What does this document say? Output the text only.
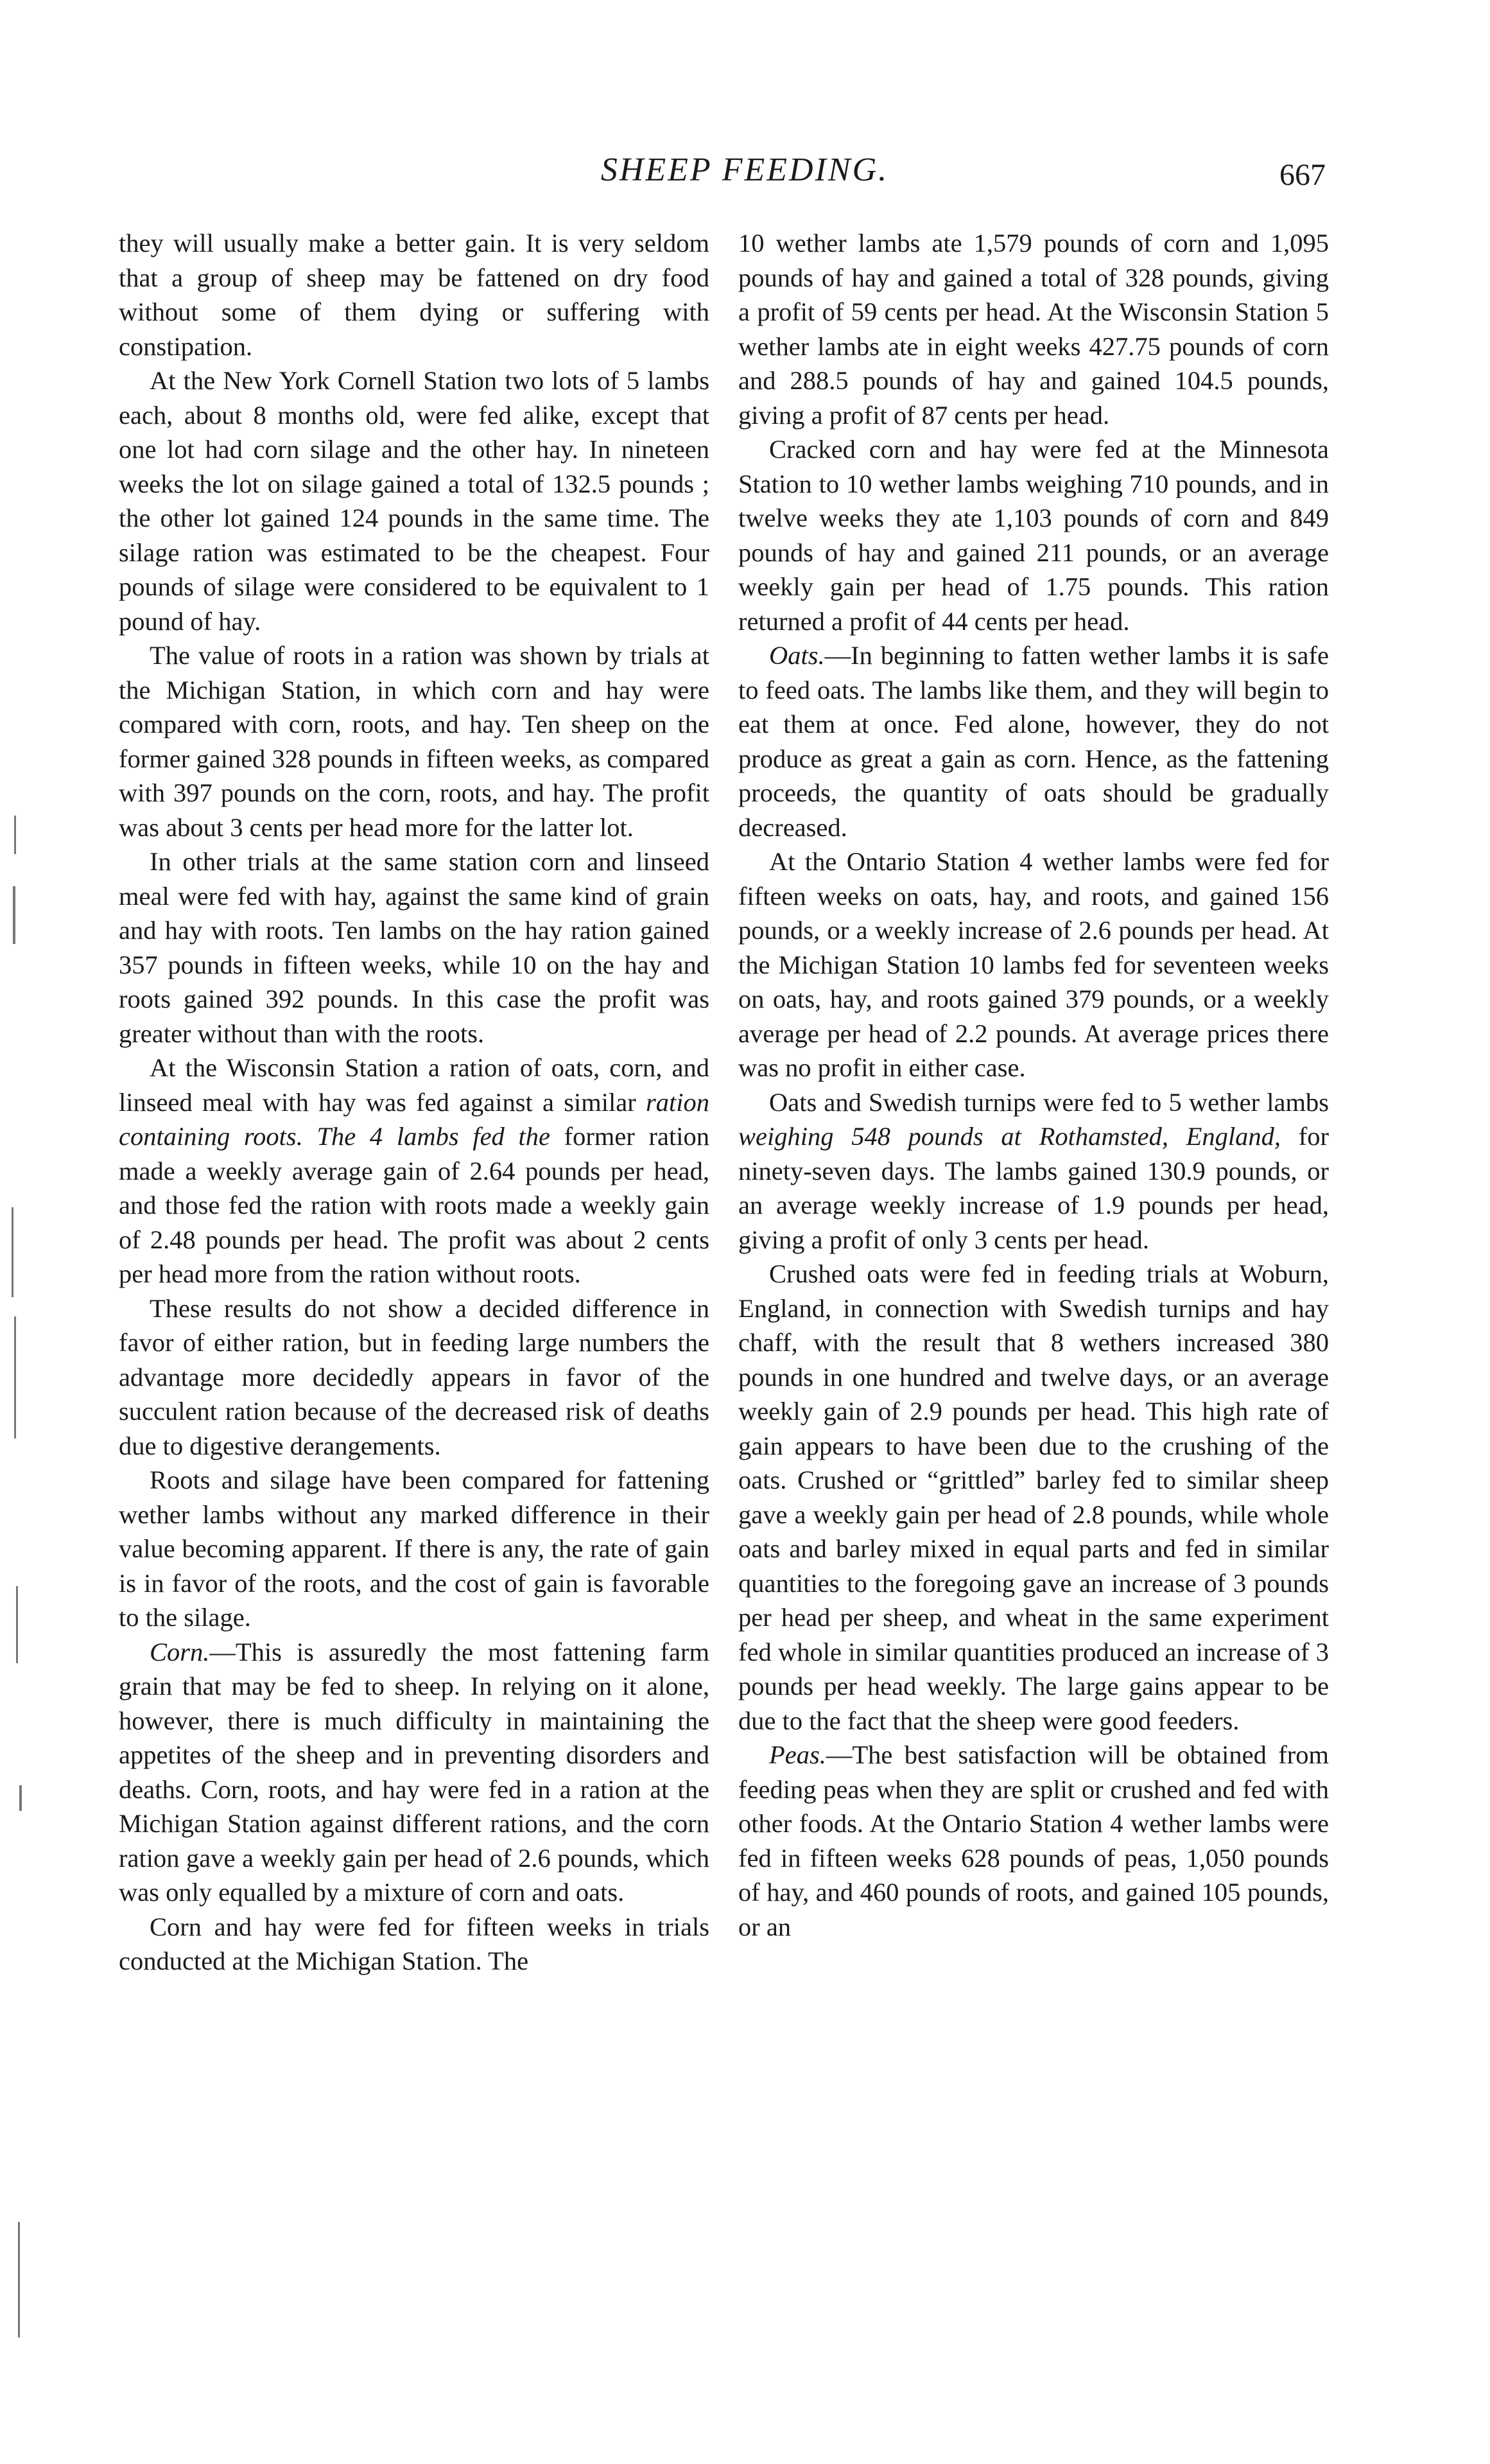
SHEEP FEEDING.	667

they will usually make a better gain. It is very seldom that a group of sheep may be fattened on dry food without some of them dying or suffering with constipation.

At the New York Cornell Station two lots of 5 lambs each, about 8 months old, were fed alike, except that one lot had corn silage and the other hay. In nineteen weeks the lot on silage gained a total of 132.5 pounds ; the other lot gained 124 pounds in the same time. The silage ration was estimated to be the cheapest. Four pounds of silage were considered to be equivalent to 1 pound of hay.

The value of roots in a ration was shown by trials at the Michigan Station, in which corn and hay were compared with corn, roots, and hay. Ten sheep on the former gained 328 pounds in fifteen weeks, as compared with 397 pounds on the corn, roots, and hay. The profit was about 3 cents per head more for the latter lot.

In other trials at the same station corn and linseed meal were fed with hay, against the same kind of grain and hay with roots. Ten lambs on the hay ration gained 357 pounds in fifteen weeks, while 10 on the hay and roots gained 392 pounds. In this case the profit was greater without than with the roots.

At the Wisconsin Station a ration of oats, corn, and linseed meal with hay was fed against a similar ration containing roots. The 4 lambs fed the former ration made a weekly average gain of 2.64 pounds per head, and those fed the ration with roots made a weekly gain of 2.48 pounds per head. The profit was about 2 cents per head more from the ration without roots.

These results do not show a decided difference in favor of either ration, but in feeding large numbers the advantage more decidedly appears in favor of the succulent ration because of the decreased risk of deaths due to digestive derangements.

Roots and silage have been compared for fattening wether lambs without any marked difference in their value becoming apparent. If there is any, the rate of gain is in favor of the roots, and the cost of gain is favorable to the silage.

Corn.—This is assuredly the most fattening farm grain that may be fed to sheep. In relying on it alone, however, there is much difficulty in maintaining the appetites of the sheep and in preventing disorders and deaths. Corn, roots, and hay were fed in a ration at the Michigan Station against different rations, and the corn ration gave a weekly gain per head of 2.6 pounds, which was only equalled by a mixture of corn and oats.

Corn and hay were fed for fifteen weeks in trials conducted at the Michigan Station. The

10 wether lambs ate 1,579 pounds of corn and 1,095 pounds of hay and gained a total of 328 pounds, giving a profit of 59 cents per head. At the Wisconsin Station 5 wether lambs ate in eight weeks 427.75 pounds of corn and 288.5 pounds of hay and gained 104.5 pounds, giving a profit of 87 cents per head.

Cracked corn and hay were fed at the Minnesota Station to 10 wether lambs weighing 710 pounds, and in twelve weeks they ate 1,103 pounds of corn and 849 pounds of hay and gained 211 pounds, or an average weekly gain per head of 1.75 pounds. This ration returned a profit of 44 cents per head.

Oats.—In beginning to fatten wether lambs it is safe to feed oats. The lambs like them, and they will begin to eat them at once. Fed alone, however, they do not produce as great a gain as corn. Hence, as the fattening proceeds, the quantity of oats should be gradually decreased.

At the Ontario Station 4 wether lambs were fed for fifteen weeks on oats, hay, and roots, and gained 156 pounds, or a weekly increase of 2.6 pounds per head. At the Michigan Station 10 lambs fed for seventeen weeks on oats, hay, and roots gained 379 pounds, or a weekly average per head of 2.2 pounds. At average prices there was no profit in either case.

Oats and Swedish turnips were fed to 5 wether lambs weighing 548 pounds at Rothamsted, England, for ninety-seven days. The lambs gained 130.9 pounds, or an average weekly increase of 1.9 pounds per head, giving a profit of only 3 cents per head.

Crushed oats were fed in feeding trials at Woburn, England, in connection with Swedish turnips and hay chaff, with the result that 8 wethers increased 380 pounds in one hundred and twelve days, or an average weekly gain of 2.9 pounds per head. This high rate of gain appears to have been due to the crushing of the oats. Crushed or “grittled” barley fed to similar sheep gave a weekly gain per head of 2.8 pounds, while whole oats and barley mixed in equal parts and fed in similar quantities to the foregoing gave an increase of 3 pounds per head per sheep, and wheat in the same experiment fed whole in similar quantities produced an increase of 3 pounds per head weekly. The large gains appear to be due to the fact that the sheep were good feeders.

Peas.—The best satisfaction will be obtained from feeding peas when they are split or crushed and fed with other foods. At the Ontario Station 4 wether lambs were fed in fifteen weeks 628 pounds of peas, 1,050 pounds of hay, and 460 pounds of roots, and gained 105 pounds, or an
